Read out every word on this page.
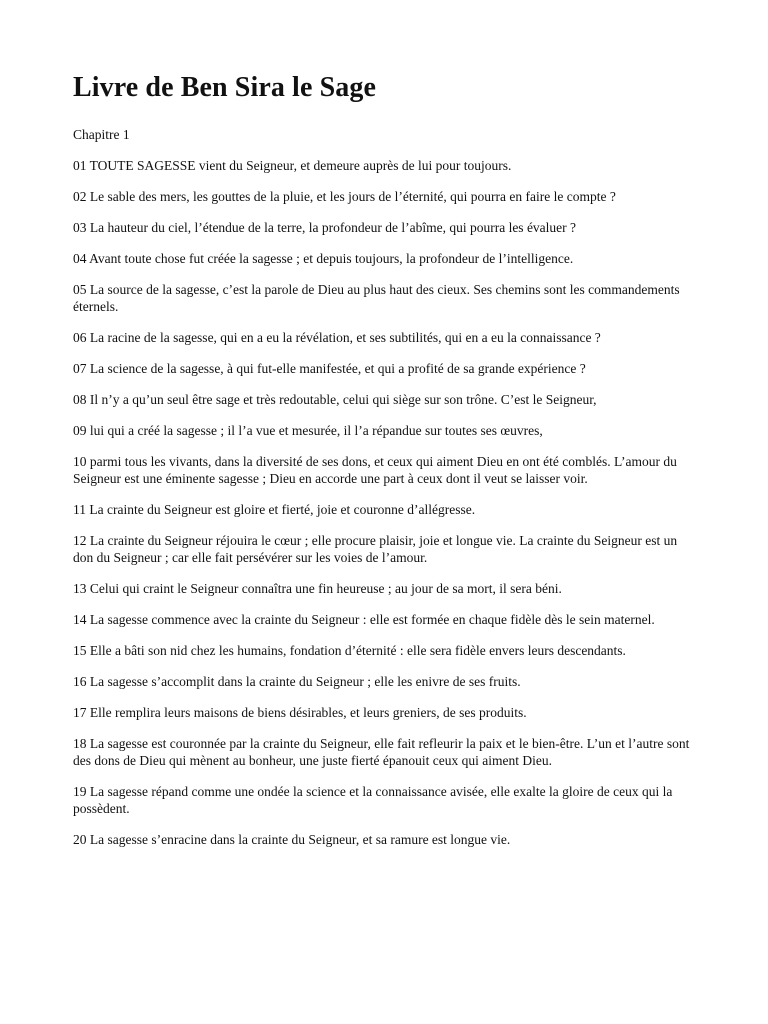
Livre de Ben Sira le Sage

Chapitre 1

01 TOUTE SAGESSE vient du Seigneur, et demeure auprès de lui pour toujours.

02 Le sable des mers, les gouttes de la pluie, et les jours de l’éternité, qui pourra en faire le compte ?

03 La hauteur du ciel, l’étendue de la terre, la profondeur de l’abîme, qui pourra les évaluer ?

04 Avant toute chose fut créée la sagesse ; et depuis toujours, la profondeur de l’intelligence.

05 La source de la sagesse, c’est la parole de Dieu au plus haut des cieux. Ses chemins sont les commandements éternels.

06 La racine de la sagesse, qui en a eu la révélation, et ses subtilités, qui en a eu la connaissance ?

07 La science de la sagesse, à qui fut-elle manifestée, et qui a profité de sa grande expérience ?

08 Il n’y a qu’un seul être sage et très redoutable, celui qui siège sur son trône. C’est le Seigneur,

09 lui qui a créé la sagesse ; il l’a vue et mesurée, il l’a répandue sur toutes ses œuvres,

10 parmi tous les vivants, dans la diversité de ses dons, et ceux qui aiment Dieu en ont été comblés. L’amour du Seigneur est une éminente sagesse ; Dieu en accorde une part à ceux dont il veut se laisser voir.

11 La crainte du Seigneur est gloire et fierté, joie et couronne d’allégresse.

12 La crainte du Seigneur réjouira le cœur ; elle procure plaisir, joie et longue vie. La crainte du Seigneur est un don du Seigneur ; car elle fait persévérer sur les voies de l’amour.

13 Celui qui craint le Seigneur connaîtra une fin heureuse ; au jour de sa mort, il sera béni.

14 La sagesse commence avec la crainte du Seigneur : elle est formée en chaque fidèle dès le sein maternel.

15 Elle a bâti son nid chez les humains, fondation d’éternité : elle sera fidèle envers leurs descendants.

16 La sagesse s’accomplit dans la crainte du Seigneur ; elle les enivre de ses fruits.

17 Elle remplira leurs maisons de biens désirables, et leurs greniers, de ses produits.

18 La sagesse est couronnée par la crainte du Seigneur, elle fait refleurir la paix et le bien-être. L’un et l’autre sont des dons de Dieu qui mènent au bonheur, une juste fierté épanouit ceux qui aiment Dieu.

19 La sagesse répand comme une ondée la science et la connaissance avisée, elle exalte la gloire de ceux qui la possèdent.

20 La sagesse s’enracine dans la crainte du Seigneur, et sa ramure est longue vie.
